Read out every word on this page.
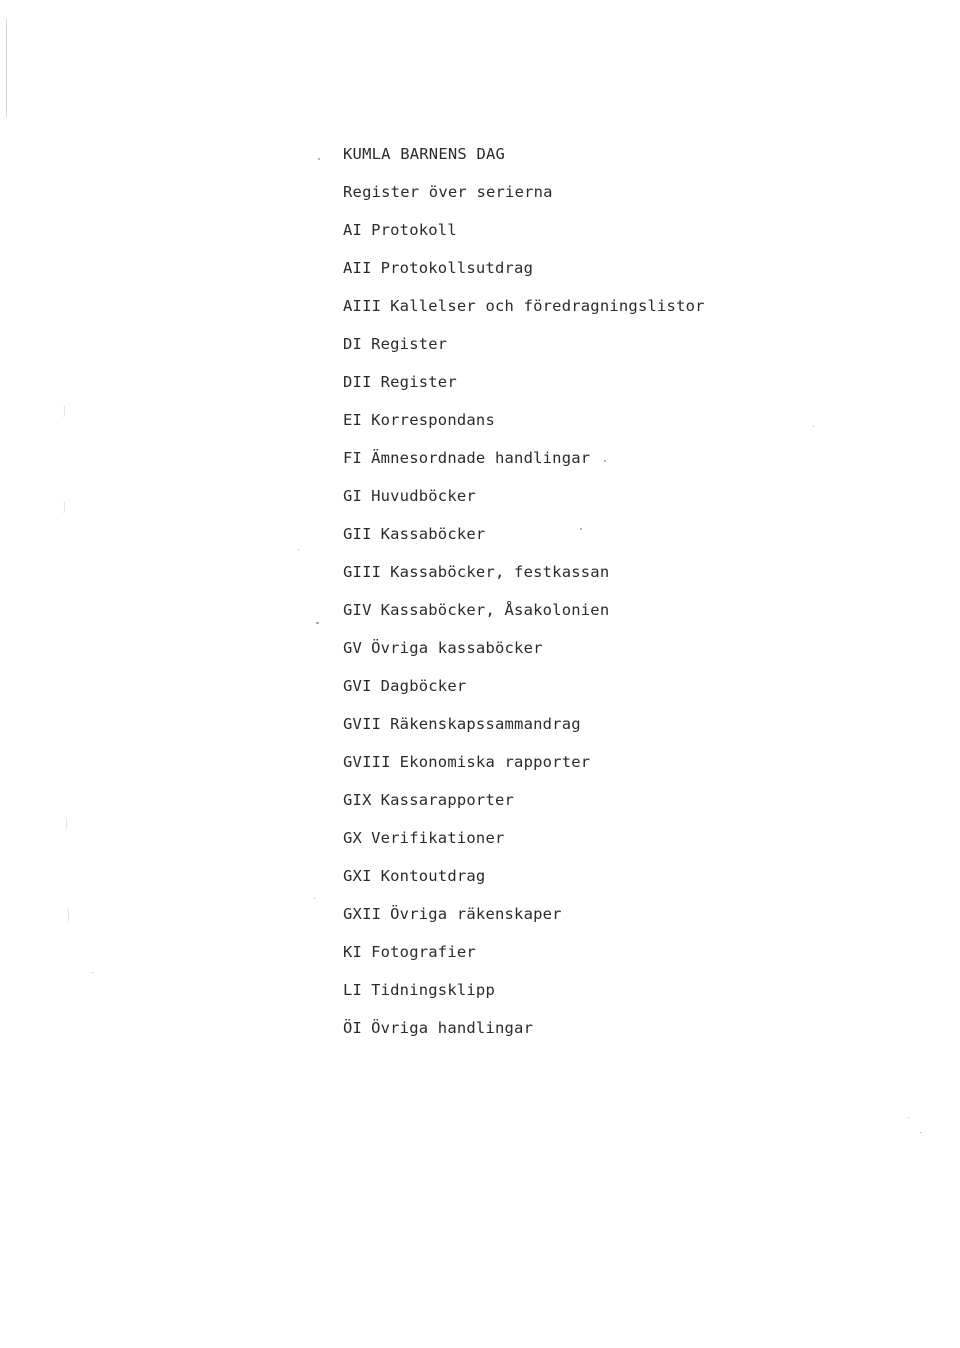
KUMLA BARNENS DAG
Register över serierna
AI Protokoll
AII Protokollsutdrag
AIII Kallelser och föredragningslistor
DI Register
DII Register
EI Korrespondans
FI Ämnesordnade handlingar
GI Huvudböcker
GII Kassaböcker
GIII Kassaböcker, festkassan
GIV Kassaböcker, Åsakolonien
GV Övriga kassaböcker
GVI Dagböcker
GVII Räkenskapssammandrag
GVIII Ekonomiska rapporter
GIX Kassarapporter
GX Verifikationer
GXI Kontoutdrag
GXII Övriga räkenskaper
KI Fotografier
LI Tidningsklipp
ÖI Övriga handlingar
